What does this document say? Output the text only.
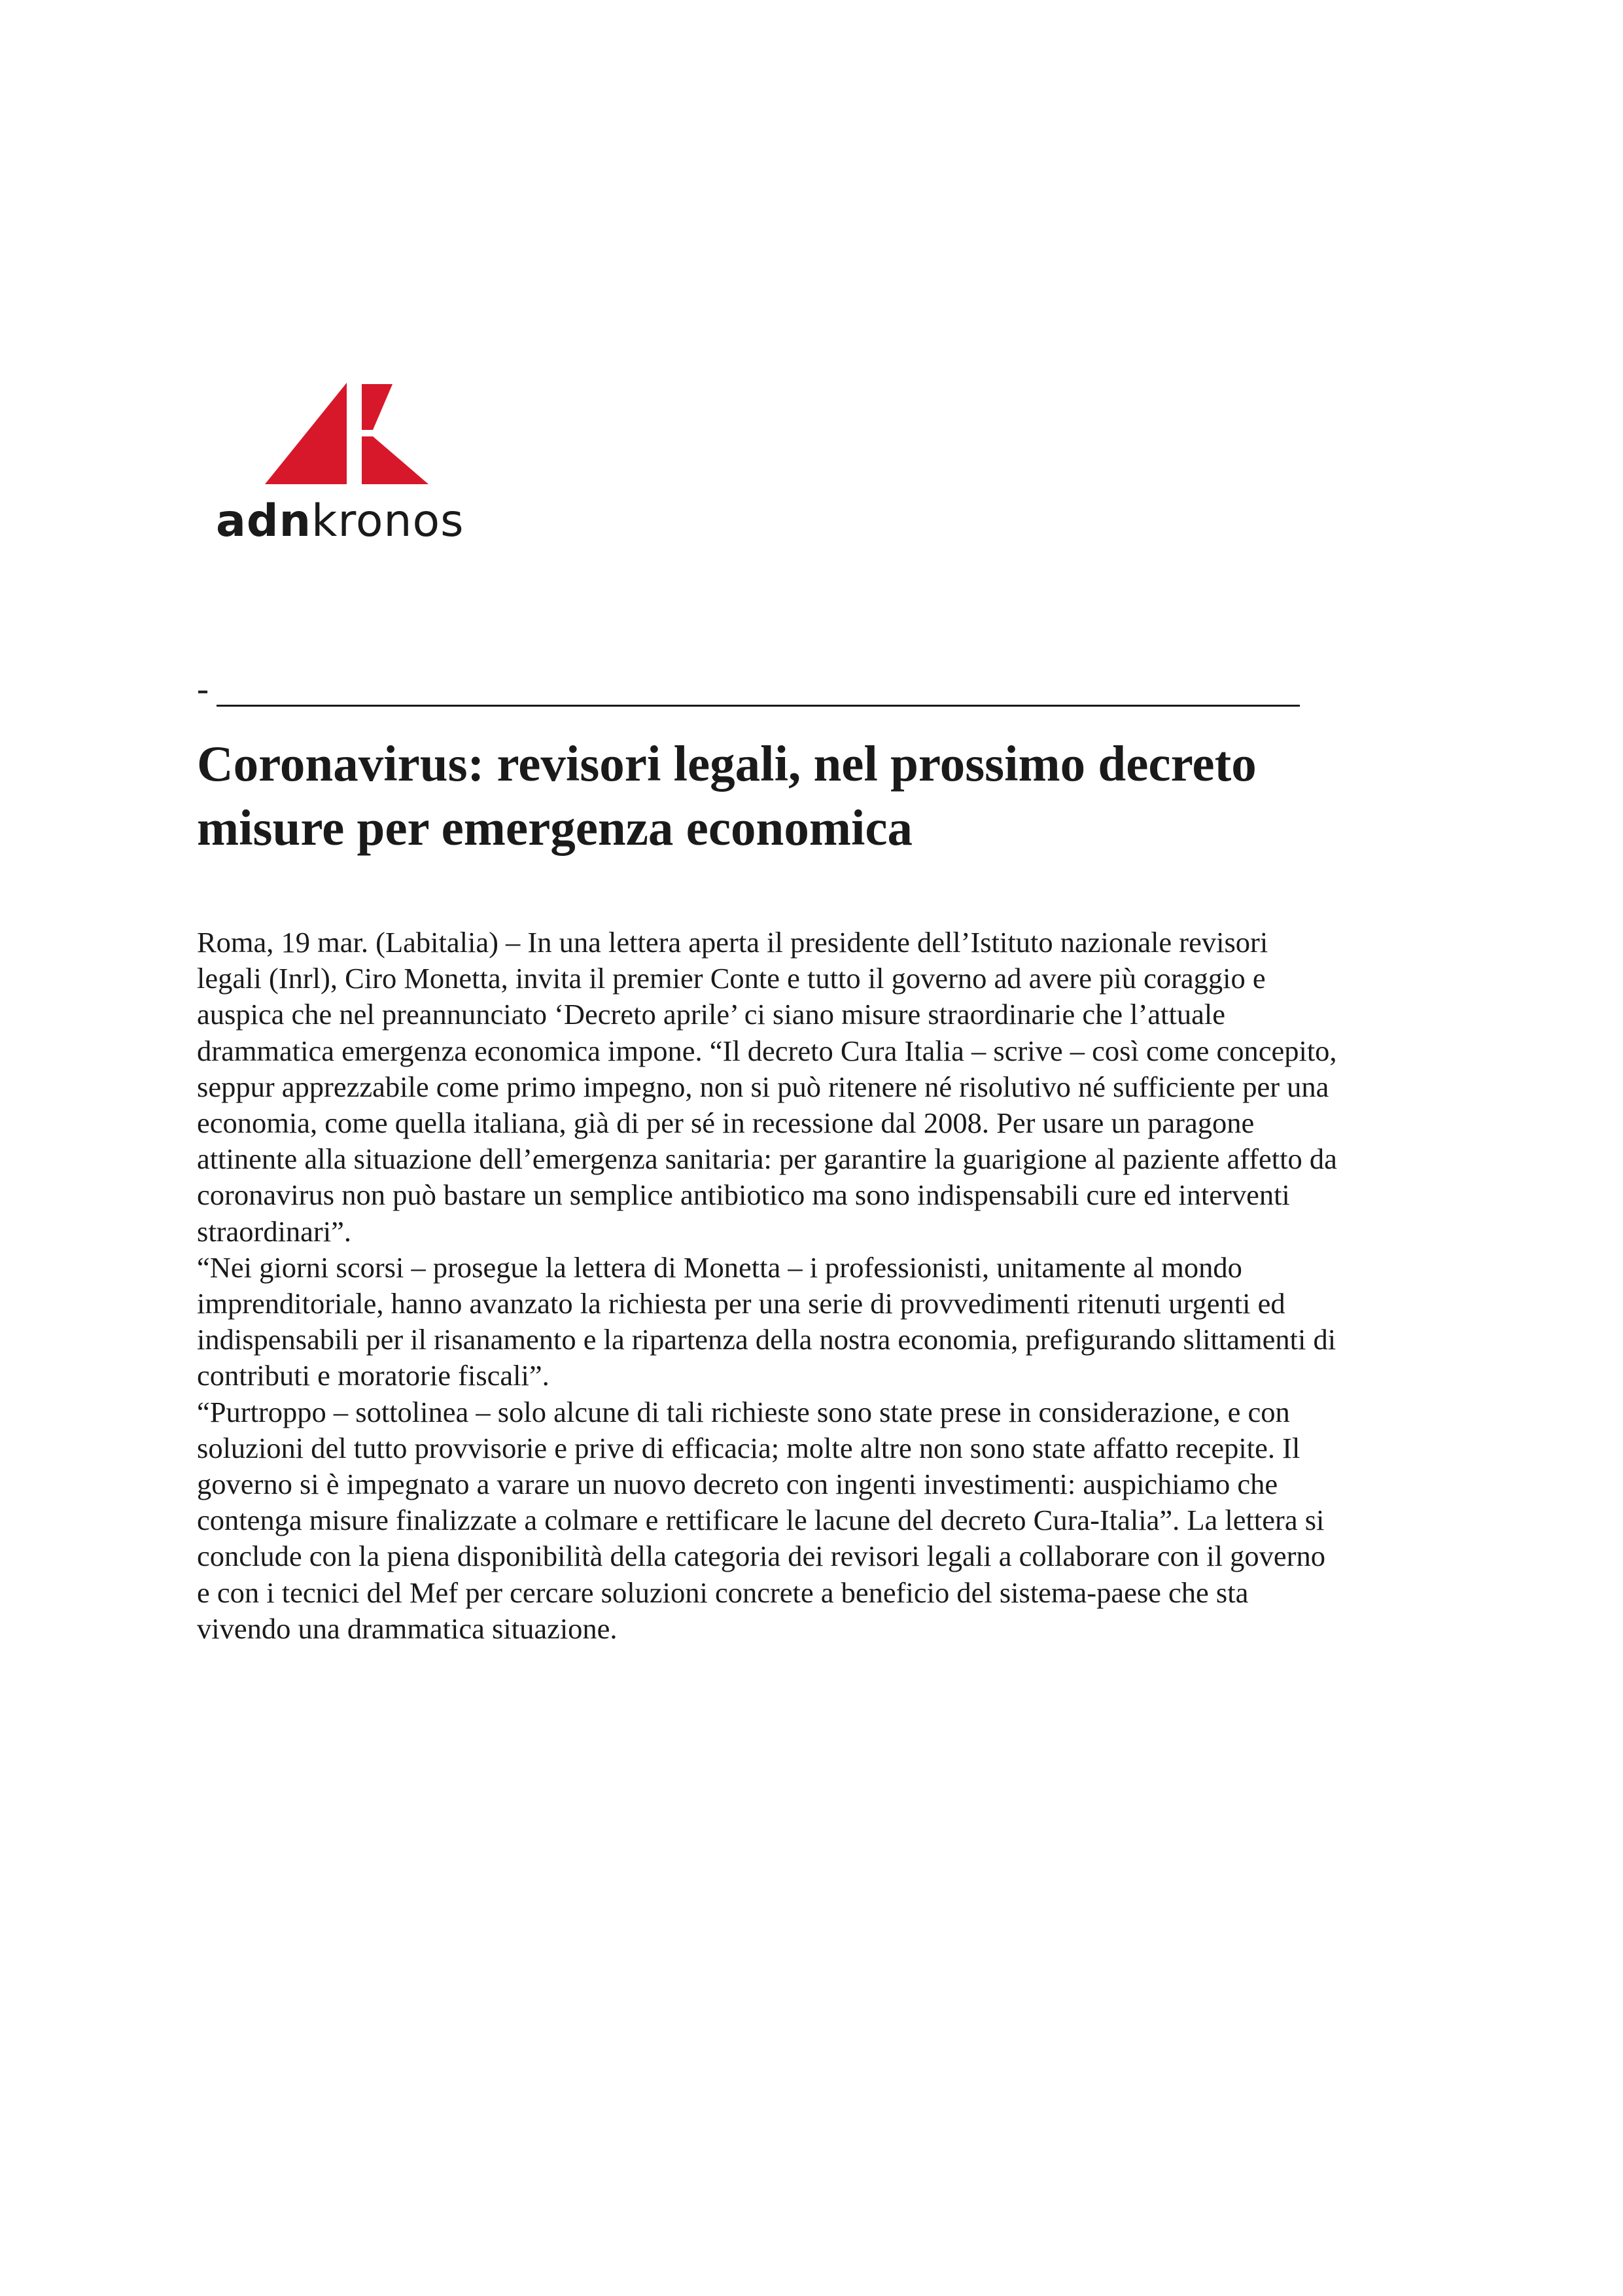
adnkronos
-
Coronavirus: revisori legali, nel prossimo decreto
misure per emergenza economica
Roma, 19 mar. (Labitalia) – In una lettera aperta il presidente dell’Istituto nazionale revisori
legali (Inrl), Ciro Monetta, invita il premier Conte e tutto il governo ad avere più coraggio e
auspica che nel preannunciato ‘Decreto aprile’ ci siano misure straordinarie che l’attuale
drammatica emergenza economica impone. “Il decreto Cura Italia – scrive – così come concepito,
seppur apprezzabile come primo impegno, non si può ritenere né risolutivo né sufficiente per una
economia, come quella italiana, già di per sé in recessione dal 2008. Per usare un paragone
attinente alla situazione dell’emergenza sanitaria: per garantire la guarigione al paziente affetto da
coronavirus non può bastare un semplice antibiotico ma sono indispensabili cure ed interventi
straordinari”.
“Nei giorni scorsi – prosegue la lettera di Monetta – i professionisti, unitamente al mondo
imprenditoriale, hanno avanzato la richiesta per una serie di provvedimenti ritenuti urgenti ed
indispensabili per il risanamento e la ripartenza della nostra economia, prefigurando slittamenti di
contributi e moratorie fiscali”.
“Purtroppo – sottolinea – solo alcune di tali richieste sono state prese in considerazione, e con
soluzioni del tutto provvisorie e prive di efficacia; molte altre non sono state affatto recepite. Il
governo si è impegnato a varare un nuovo decreto con ingenti investimenti: auspichiamo che
contenga misure finalizzate a colmare e rettificare le lacune del decreto Cura-Italia”. La lettera si
conclude con la piena disponibilità della categoria dei revisori legali a collaborare con il governo
e con i tecnici del Mef per cercare soluzioni concrete a beneficio del sistema-paese che sta
vivendo una drammatica situazione.
